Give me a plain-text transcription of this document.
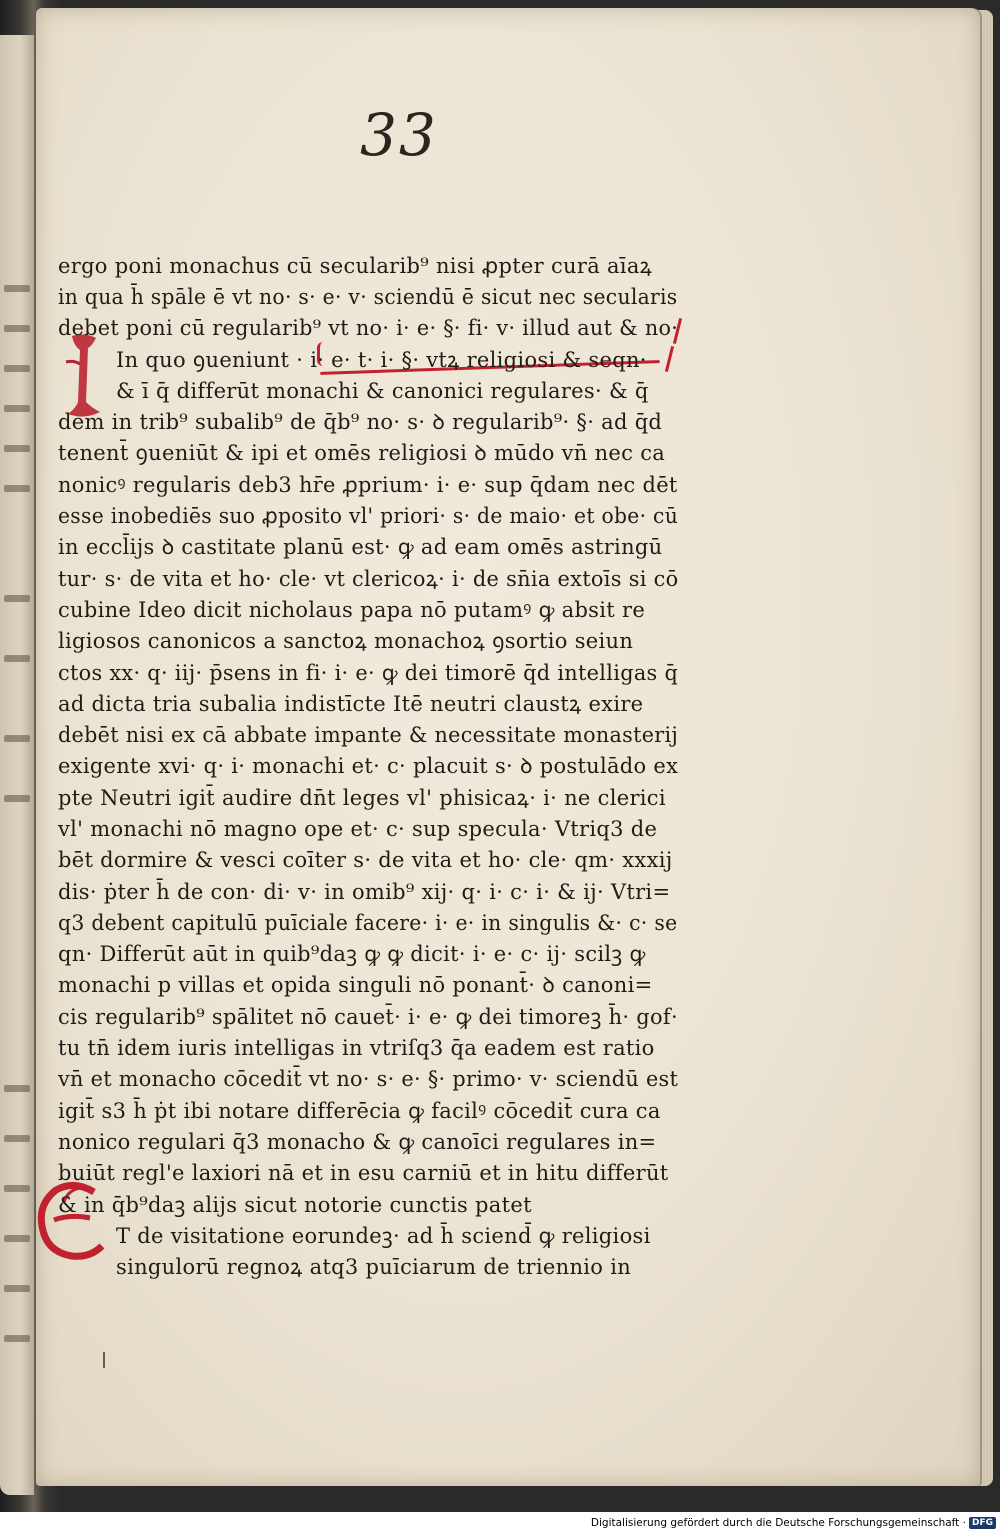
33
ergo poni monachus cū secularib⁹ nisi ꝓpter curā aīaꝝ
in qua h̄ spāle ē vt no· s· e· v· sciendū ē sicut nec secularis
debet poni cū regularib⁹ vt no· i· e· §· fi· v· illud aut & no·
In quo ꝯueniunt · i· e· t· i· §· vtꝝ religiosi & seqn·
& ī q̄ differūt monachi & canonici regulares· & q̄
dem in trib⁹ subalib⁹ de q̄b⁹ no· s· ꝺ regularib⁹· §· ad q̄d
tenent̄ ꝯueniūt & ipi et omēs religiosi ꝺ mūdo vn̄ nec ca
nonicꝰ regularis deb3 hr̄e ꝓprium· i· e· sup q̄dam nec dēt
esse inobediēs suo ꝓposito vl' priori· s· de maio· et obe· cū
in eccl̄ijs ꝺ castitate planū est· ꝙ ad eam omēs astringū
tur· s· de vita et ho· cle· vt clericoꝝ· i· de sn̄ia extoīs si cō
cubine Ideo dicit nicholaus papa nō putamꝰ ꝙ absit re
ligiosos canonicos a sanctoꝝ monachoꝝ ꝯsortio seiun
ctos xx· q· iij· p̄sens in fi· i· e· ꝙ dei timorē q̄d intelligas q̄
ad dicta tria subalia indistīcte Itē neutri claustꝝ exire
debēt nisi ex cā abbate impante & necessitate monasterij
exigente xvi· q· i· monachi et· c· placuit s· ꝺ postulādo ex
pte Neutri igit̄ audire dn̄t leges vl' phisicaꝝ· i· ne clerici
vl' monachi nō magno ope et· c· sup specula· Vtriq3 de
bēt dormire & vesci coīter s· de vita et ho· cle· qm· xxxij
dis· ṗter h̄ de con· di· v· in omib⁹ xij· q· i· c· i· & ij· Vtri=
q3 debent capitulū puīciale facere· i· e· in singulis &· c· se
qn· Differūt aūt in quib⁹daꝫ ꝙ ꝙ dicit· i· e· c· ij· scilꝫ ꝙ
monachi p villas et opida singuli nō ponant̄· ꝺ canoni=
cis regularib⁹ spālitet nō cauet̄· i· e· ꝙ dei timoreꝫ h̄· gof·
tu tn̄ idem iuris intelligas in vtriſq3 q̄a eadem est ratio
vn̄ et monacho cōcedit̄ vt no· s· e· §· primo· v· sciendū est
igit̄ s3 h̄ ṗt ibi notare differēcia ꝙ facilꝰ cōcedit̄ cura ca
nonico regulari q̄3 monacho & ꝙ canoīci regulares in=
buiūt regl'e laxiori nā et in esu carniū et in hitu differūt
& in q̄b⁹daꝫ alijs sicut notorie cunctis patet
T de visitatione eorundeꝫ· ad h̄ sciend̄ ꝙ religiosi
singulorū regnoꝝ atq3 puīciarum de triennio in
Digitalisierung gefördert durch die Deutsche Forschungsgemeinschaft · DFG
